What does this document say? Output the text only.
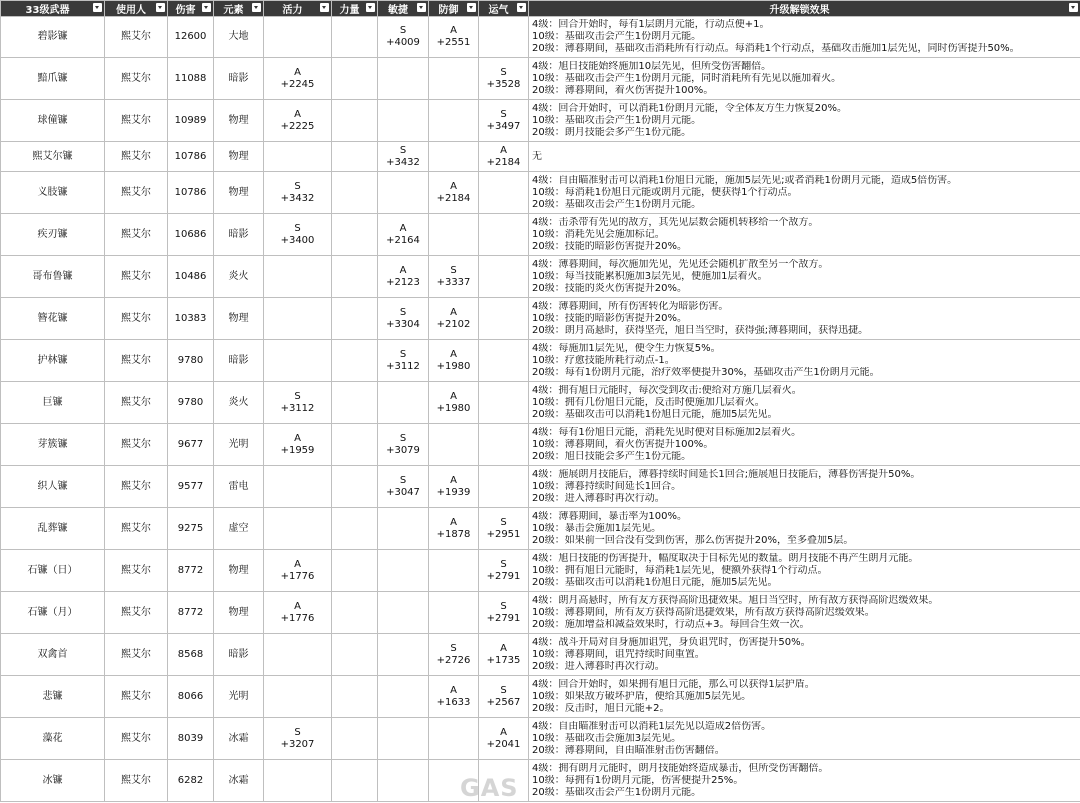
33级武器	使用人	伤害	元素	活力	力量	敏捷	防御	运气	升级解锁效果

碧影镰	熙艾尔	12600	大地			S
+4009	A
+2551		4级：回合开始时，每有1层朗月元能，行动点便+1。
10级：基础攻击会产生1份朗月元能。
20级：薄暮期间，基础攻击消耗所有行动点。每消耗1个行动点，基础攻击施加1层先见，同时伤害提升50%。

黯爪镰	熙艾尔	11088	暗影	A
+2245				S
+3528	4级：旭日技能始终施加10层先见，但所受伤害翻倍。
10级：基础攻击会产生1份朗月元能，同时消耗所有先见以施加着火。
20级：薄暮期间，着火伤害提升100%。

球僮镰	熙艾尔	10989	物理	A
+2225				S
+3497	4级：回合开始时，可以消耗1份朗月元能，令全体友方生力恢复20%。
10级：基础攻击会产生1份朗月元能。
20级：朗月技能会多产生1份元能。

熙艾尔镰	熙艾尔	10786	物理			S
+3432		A
+2184	无

义肢镰	熙艾尔	10786	物理	S
+3432			A
+2184		4级：自由瞄准射击可以消耗1份旭日元能，施加5层先见;或者消耗1份朗月元能，造成5倍伤害。
10级：每消耗1份旭日元能或朗月元能，便获得1个行动点。
20级：基础攻击会产生1份朗月元能。

疾刃镰	熙艾尔	10686	暗影	S
+3400		A
+2164			4级：击杀带有先见的敌方，其先见层数会随机转移给一个敌方。
10级：消耗先见会施加标记。
20级：技能的暗影伤害提升20%。

哥布鲁镰	熙艾尔	10486	炎火			A
+2123	S
+3337		4级：薄暮期间，每次施加先见，先见还会随机扩散至另一个敌方。
10级：每当技能累积施加3层先见，便施加1层着火。
20级：技能的炎火伤害提升20%。

簪花镰	熙艾尔	10383	物理			S
+3304	A
+2102		4级：薄暮期间，所有伤害转化为暗影伤害。
10级：技能的暗影伤害提升20%。
20级：朗月高悬时，获得坚壳，旭日当空时，获得强;薄暮期间，获得迅捷。

护林镰	熙艾尔	9780	暗影			S
+3112	A
+1980		4级：每施加1层先见，便令生力恢复5%。
10级：疗愈技能所耗行动点-1。
20级：每有1份朗月元能，治疗效率便提升30%，基础攻击产生1份朗月元能。

巨镰	熙艾尔	9780	炎火	S
+3112			A
+1980		4级：拥有旭日元能时，每次受到攻击:便给对方施几层着火。
10级：拥有几份旭日元能，反击时便施加几层着火。
20级：基础攻击可以消耗1份旭日元能，施加5层先见。

芽簇镰	熙艾尔	9677	光明	A
+1959		S
+3079			4级：每有1份旭日元能，消耗先见时便对目标施加2层着火。
10级：薄暮期间，着火伤害提升100%。
20级：旭日技能会多产生1份元能。

织人镰	熙艾尔	9577	雷电			S
+3047	A
+1939		4级：施展朗月技能后，薄暮持续时间延长1回合;施展旭日技能后，薄暮伤害提升50%。
10级：薄暮持续时间延长1回合。
20级：进入薄暮时再次行动。

乱葬镰	熙艾尔	9275	虚空				A
+1878	S
+2951	4级：薄暮期间，暴击率为100%。
10级：暴击会施加1层先见。
20级：如果前一回合没有受到伤害，那么伤害提升20%，至多叠加5层。

石镰（日）	熙艾尔	8772	物理	A
+1776				S
+2791	4级：旭日技能的伤害提升，幅度取决于目标先见的数量。朗月技能不再产生朗月元能。
10级：拥有旭日元能时，每消耗1层先见，便额外获得1个行动点。
20级：基础攻击可以消耗1份旭日元能，施加5层先见。

石镰（月）	熙艾尔	8772	物理	A
+1776				S
+2791	4级：朗月高悬时，所有友方获得高阶迅捷效果。旭日当空时，所有敌方获得高阶迟缓效果。
10级：薄暮期间，所有友方获得高阶迅捷效果，所有敌方获得高阶迟缓效果。
20级：施加增益和减益效果时，行动点+3。每回合生效一次。

双禽首	熙艾尔	8568	暗影				S
+2726	A
+1735	4级：战斗开局对自身施加诅咒，身负诅咒时，伤害提升50%。
10级：薄暮期间，诅咒持续时间重置。
20级：进入薄暮时再次行动。

悲镰	熙艾尔	8066	光明				A
+1633	S
+2567	4级：回合开始时，如果拥有旭日元能，那么可以获得1层护盾。
10级：如果敌方破坏护盾，便给其施加5层先见。
20级：反击时，旭日元能+2。

藻花	熙艾尔	8039	冰霜	S
+3207				A
+2041	4级：自由瞄准射击可以消耗1层先见以造成2倍伤害。
10级：基础攻击会施加3层先见。
20级：薄暮期间，自由瞄准射击伤害翻倍。

冰镰	熙艾尔	6282	冰霜						4级：拥有朗月元能时，朗月技能始终造成暴击，但所受伤害翻倍。
10级：每拥有1份朗月元能，伤害便提升25%。
20级：基础攻击会产生1份朗月元能。
GAS
